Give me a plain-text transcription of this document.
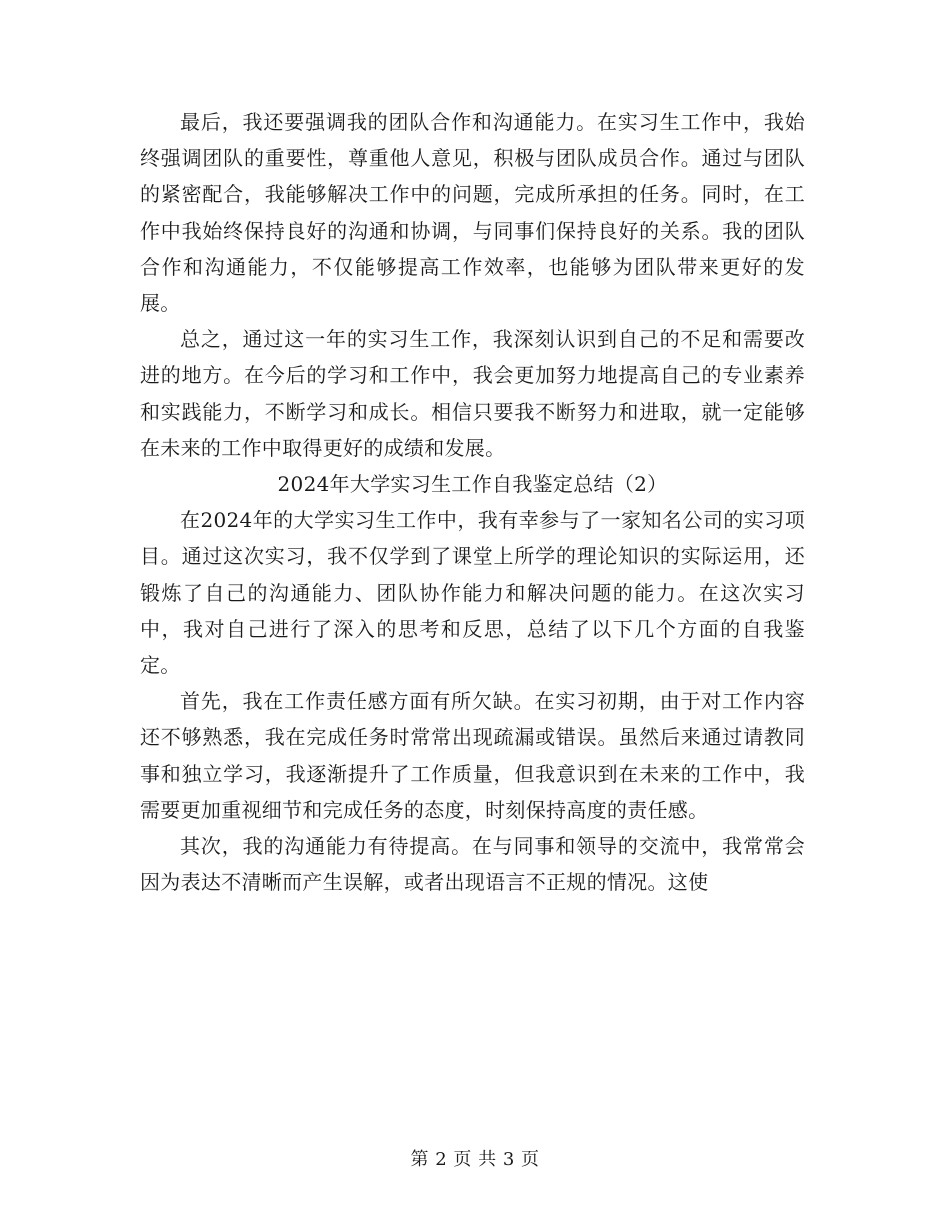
最后，我还要强调我的团队合作和沟通能力。在实习生工作中，我始终强调团队的重要性，尊重他人意见，积极与团队成员合作。通过与团队的紧密配合，我能够解决工作中的问题，完成所承担的任务。同时，在工作中我始终保持良好的沟通和协调，与同事们保持良好的关系。我的团队合作和沟通能力，不仅能够提高工作效率，也能够为团队带来更好的发展。

总之，通过这一年的实习生工作，我深刻认识到自己的不足和需要改进的地方。在今后的学习和工作中，我会更加努力地提高自己的专业素养和实践能力，不断学习和成长。相信只要我不断努力和进取，就一定能够在未来的工作中取得更好的成绩和发展。

2024年大学实习生工作自我鉴定总结（2）

在2024年的大学实习生工作中，我有幸参与了一家知名公司的实习项目。通过这次实习，我不仅学到了课堂上所学的理论知识的实际运用，还锻炼了自己的沟通能力、团队协作能力和解决问题的能力。在这次实习中，我对自己进行了深入的思考和反思，总结了以下几个方面的自我鉴定。

首先，我在工作责任感方面有所欠缺。在实习初期，由于对工作内容还不够熟悉，我在完成任务时常常出现疏漏或错误。虽然后来通过请教同事和独立学习，我逐渐提升了工作质量，但我意识到在未来的工作中，我需要更加重视细节和完成任务的态度，时刻保持高度的责任感。

其次，我的沟通能力有待提高。在与同事和领导的交流中，我常常会因为表达不清晰而产生误解，或者出现语言不正规的情况。这使

第 2 页 共 3 页
